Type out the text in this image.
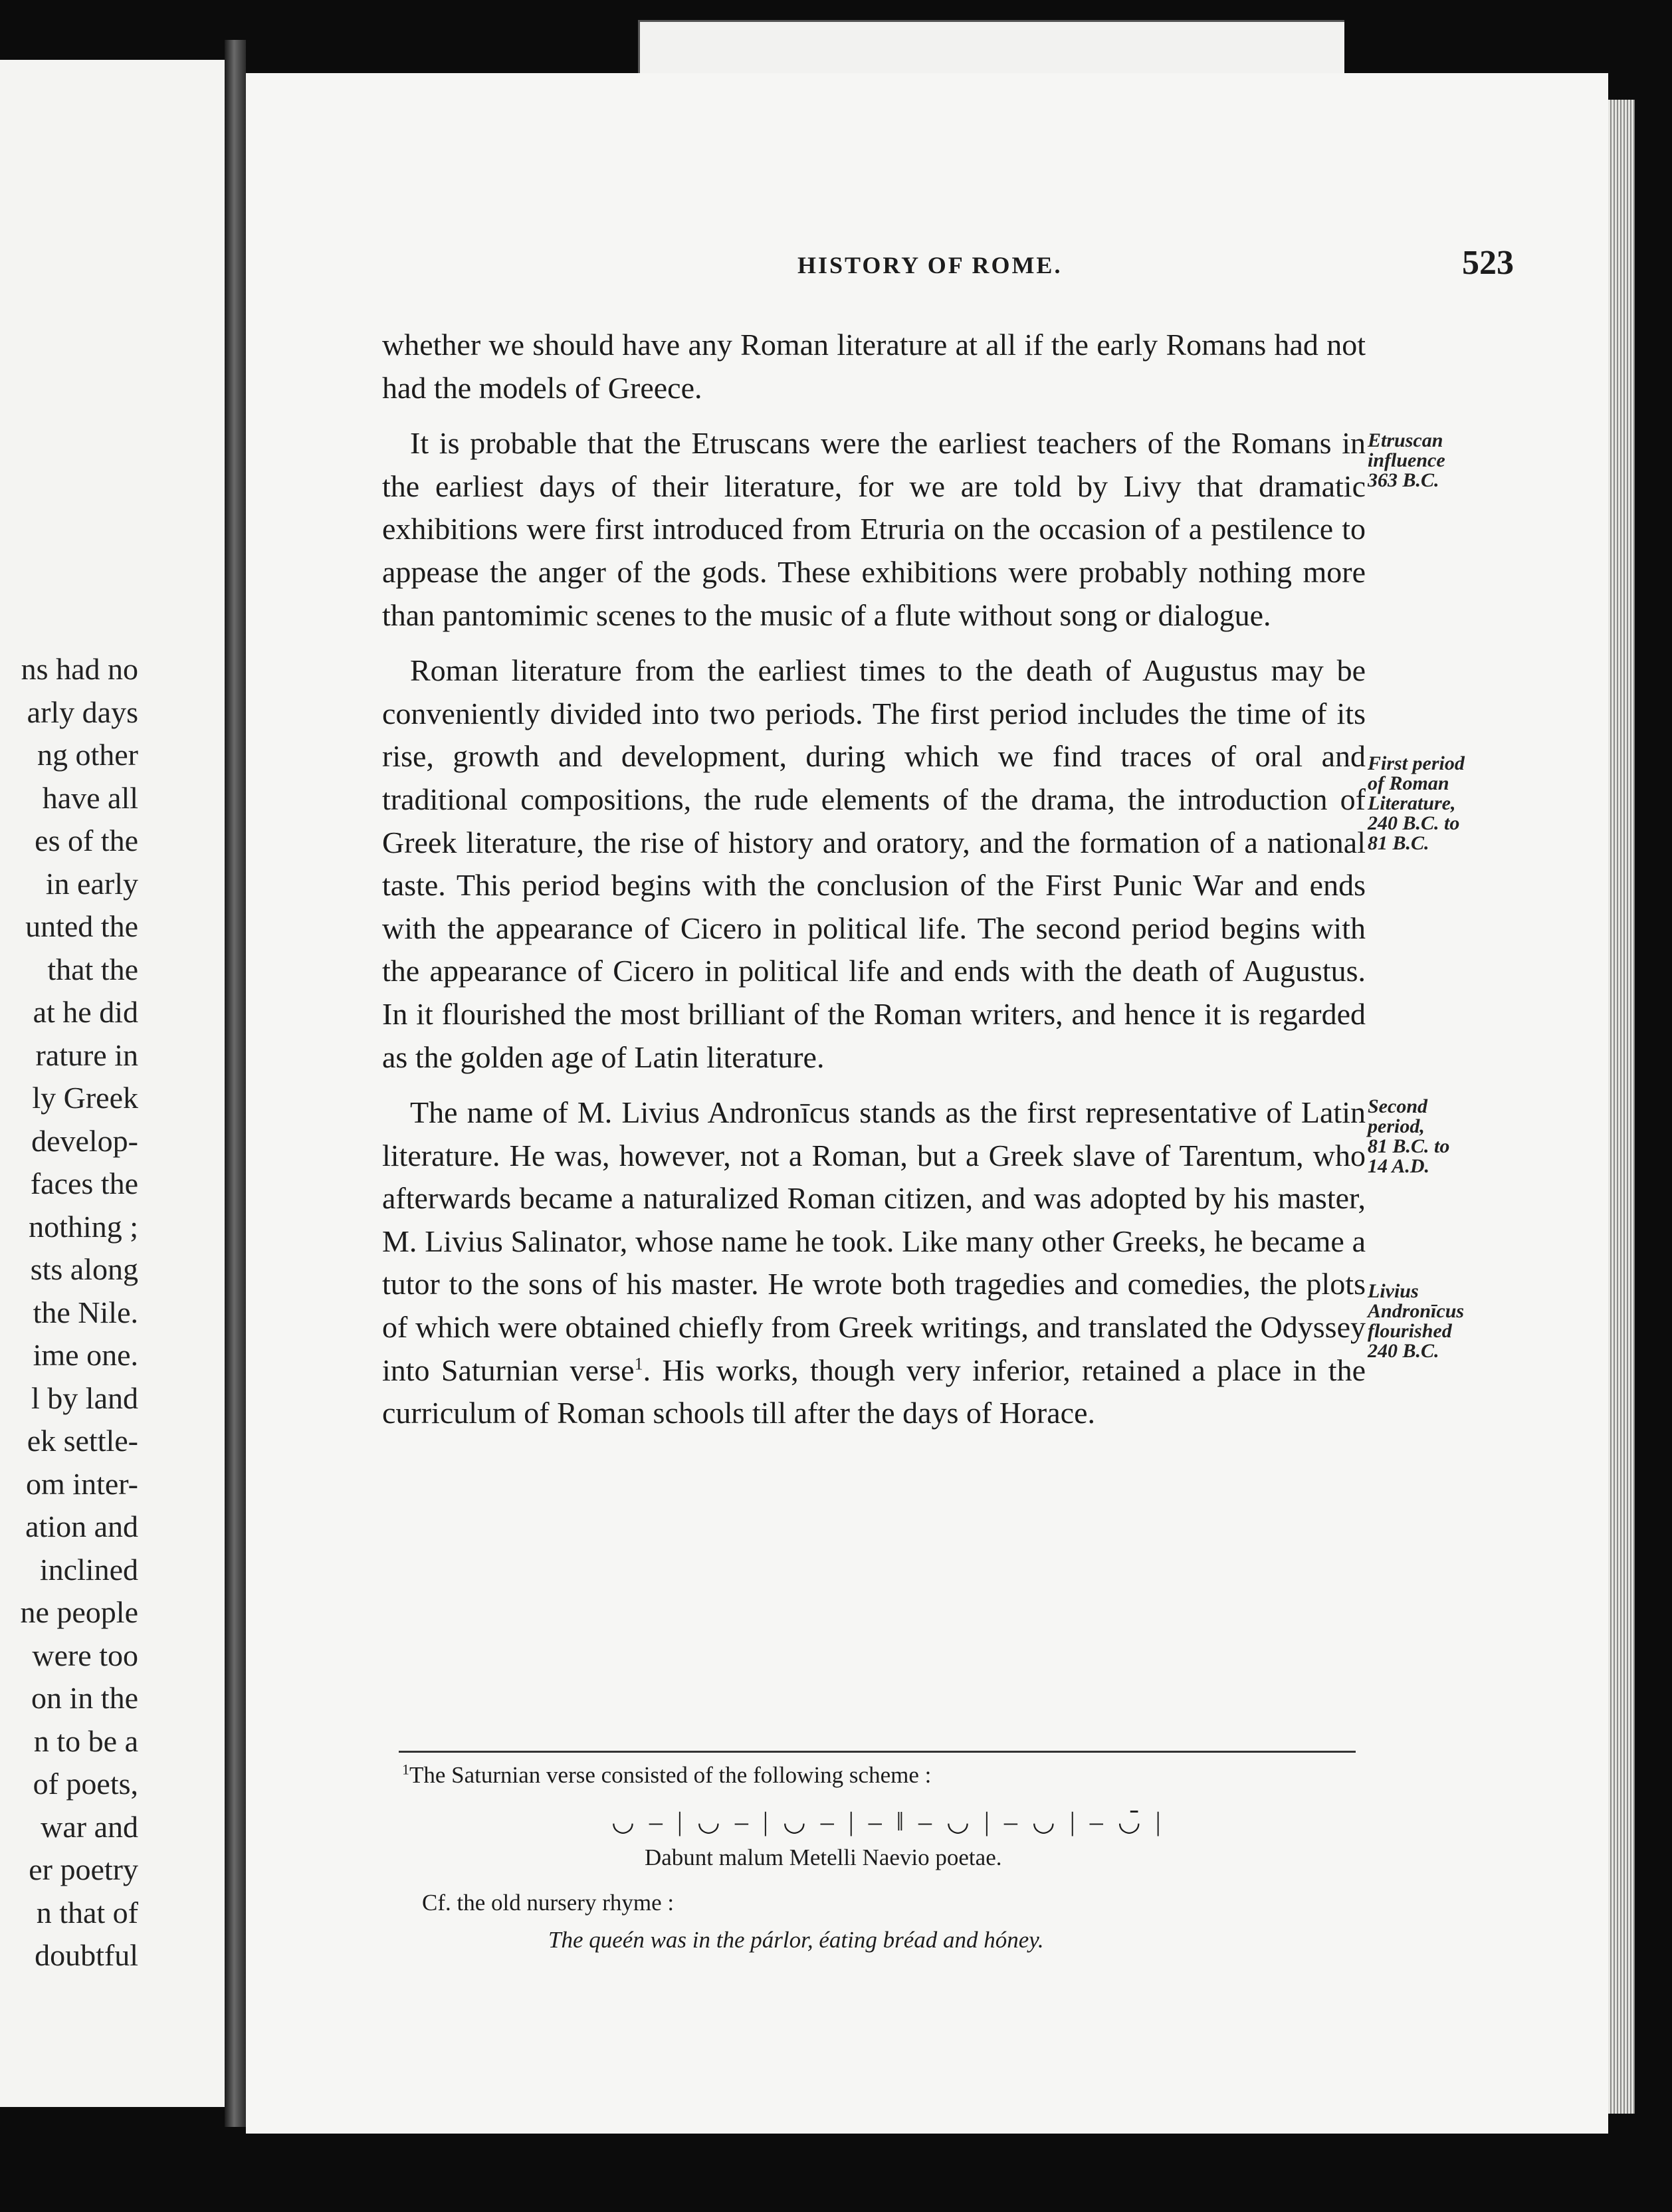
ns had no
arly days
ng other
have all
es of the
in early
unted the
that the
at he did
rature in
ly Greek
develop-
faces the
nothing ;
sts along
the Nile.
ime one.
l by land
ek settle-
om inter-
ation and
inclined
ne people
were too
on in the
n to be a
of poets,
war and
er poetry
n that of
doubtful
HISTORY OF ROME.	523

whether we should have any Roman literature at all if the early Romans had not had the models of Greece.

It is probable that the Etruscans were the earliest teachers of the Romans in the earliest days of their literature, for we are told by Livy that dramatic exhibitions were first introduced from Etruria on the occasion of a pestilence to appease the anger of the gods. These exhibitions were probably nothing more than pantomimic scenes to the music of a flute without song or dialogue.

Roman literature from the earliest times to the death of Augustus may be conveniently divided into two periods. The first period includes the time of its rise, growth and development, during which we find traces of oral and traditional compositions, the rude elements of the drama, the introduction of Greek literature, the rise of history and oratory, and the formation of a national taste. This period begins with the conclusion of the First Punic War and ends with the appearance of Cicero in political life. The second period begins with the appearance of Cicero in political life and ends with the death of Augustus. In it flourished the most brilliant of the Roman writers, and hence it is regarded as the golden age of Latin literature.

The name of M. Livius Andronīcus stands as the first representative of Latin literature. He was, however, not a Roman, but a Greek slave of Tarentum, who afterwards became a naturalized Roman citizen, and was adopted by his master, M. Livius Salinator, whose name he took. Like many other Greeks, he became a tutor to the sons of his master. He wrote both tragedies and comedies, the plots of which were obtained chiefly from Greek writings, and translated the Odyssey into Saturnian verse$^1$. His works, though very inferior, retained a place in the curriculum of Roman schools till after the days of Horace.

Etruscan
influence
363 B.C.

First period
of Roman
Literature,
240 B.C. to
81 B.C.

Second
period,
81 B.C. to
14 A.D.

Livius
Andronīcus
flourished
240 B.C.

$^1$The Saturnian verse consisted of the following scheme :
◡ – | ◡ – | ◡ – | – ‖ – ◡ | – ◡ | – ◡̄ |
Dabunt malum Metelli Naevio poetae.
Cf. the old nursery rhyme :
The queén was in the párlor, éating bréad and hóney.
